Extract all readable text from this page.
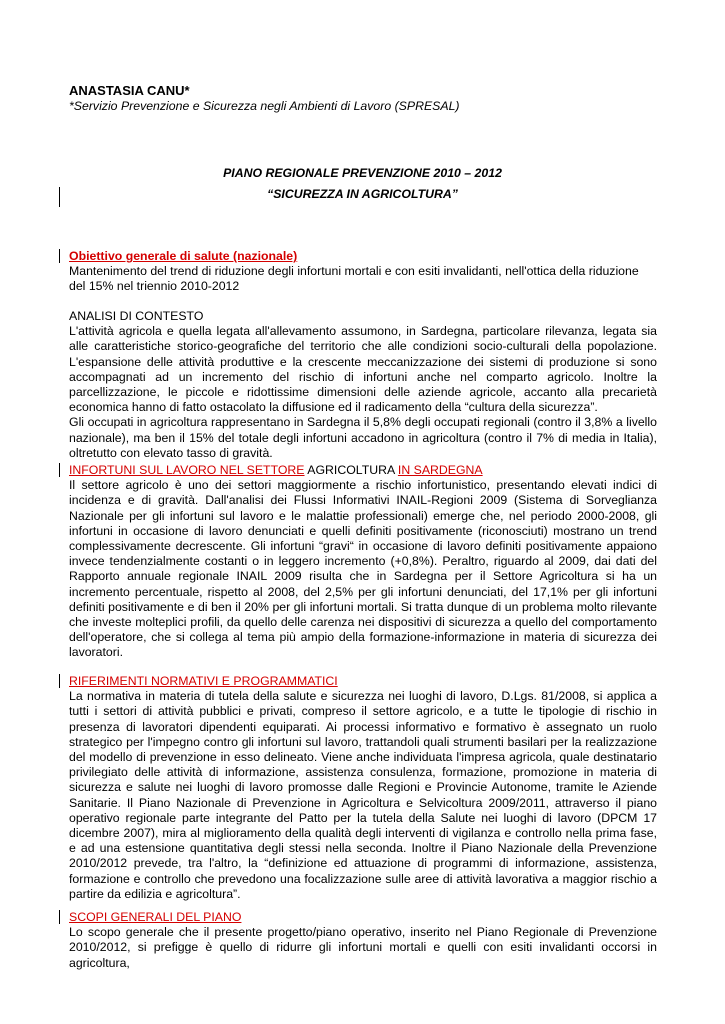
ANASTASIA CANU*
*Servizio Prevenzione e Sicurezza negli Ambienti di Lavoro (SPRESAL)
PIANO REGIONALE PREVENZIONE 2010 – 2012
“SICUREZZA IN AGRICOLTURA”

Obiettivo generale di salute (nazionale)

Mantenimento del trend di riduzione degli infortuni mortali e con esiti invalidanti, nell'ottica della riduzione del 15% nel triennio 2010-2012

ANALISI DI CONTESTO

L'attività agricola e quella legata all'allevamento assumono, in Sardegna, particolare rilevanza, legata sia alle caratteristiche storico-geografiche del territorio che alle condizioni socio-culturali della popolazione. L'espansione delle attività produttive e la crescente meccanizzazione dei sistemi di produzione si sono accompagnati ad un incremento del rischio di infortuni anche nel comparto agricolo. Inoltre la parcellizzazione, le piccole e ridottissime dimensioni delle aziende agricole, accanto alla precarietà economica hanno di fatto ostacolato la diffusione ed il radicamento della “cultura della sicurezza”.

Gli occupati in agricoltura rappresentano in Sardegna il 5,8% degli occupati regionali (contro il 3,8% a livello nazionale), ma ben il 15% del totale degli infortuni accadono in agricoltura (contro il 7% di media in Italia), oltretutto con elevato tasso di gravità.

INFORTUNI SUL LAVORO NEL SETTORE AGRICOLTURA IN SARDEGNA

Il settore agricolo è uno dei settori maggiormente a rischio infortunistico, presentando elevati indici di incidenza e di gravità. Dall'analisi dei Flussi Informativi INAIL-Regioni 2009 (Sistema di Sorveglianza Nazionale per gli infortuni sul lavoro e le malattie professionali) emerge che, nel periodo 2000-2008, gli infortuni in occasione di lavoro denunciati e quelli definiti positivamente (riconosciuti) mostrano un trend complessivamente decrescente. Gli infortuni “gravi“ in occasione di lavoro definiti positivamente appaiono invece tendenzialmente costanti o in leggero incremento (+0,8%). Peraltro, riguardo al 2009, dai dati del Rapporto annuale regionale INAIL 2009 risulta che in Sardegna per il Settore Agricoltura si ha un incremento percentuale, rispetto al 2008, del 2,5% per gli infortuni denunciati, del 17,1% per gli infortuni definiti positivamente e di ben il 20% per gli infortuni mortali. Si tratta dunque di un problema molto rilevante che investe molteplici profili, da quello delle carenza nei dispositivi di sicurezza a quello del comportamento dell'operatore, che si collega al tema più ampio della formazione-informazione in materia di sicurezza dei lavoratori.

RIFERIMENTI NORMATIVI E PROGRAMMATICI

La normativa in materia di tutela della salute e sicurezza nei luoghi di lavoro, D.Lgs. 81/2008, si applica a tutti i settori di attività pubblici e privati, compreso il settore agricolo, e a tutte le tipologie di rischio in presenza di lavoratori dipendenti equiparati. Ai processi informativo e formativo è assegnato un ruolo strategico per l'impegno contro gli infortuni sul lavoro, trattandoli quali strumenti basilari per la realizzazione del modello di prevenzione in esso delineato. Viene anche individuata l'impresa agricola, quale destinatario privilegiato delle attività di informazione, assistenza consulenza, formazione, promozione in materia di sicurezza e salute nei luoghi di lavoro promosse dalle Regioni e Provincie Autonome, tramite le Aziende Sanitarie. Il Piano Nazionale di Prevenzione in Agricoltura e Selvicoltura 2009/2011, attraverso il piano operativo regionale parte integrante del Patto per la tutela della Salute nei luoghi di lavoro (DPCM 17 dicembre 2007), mira al miglioramento della qualità degli interventi di vigilanza e controllo nella prima fase, e ad una estensione quantitativa degli stessi nella seconda. Inoltre il Piano Nazionale della Prevenzione 2010/2012 prevede, tra l'altro, la “definizione ed attuazione di programmi di informazione, assistenza, formazione e controllo che prevedono una focalizzazione sulle aree di attività lavorativa a maggior rischio a partire da edilizia e agricoltura”.

SCOPI GENERALI DEL PIANO

Lo scopo generale che il presente progetto/piano operativo, inserito nel Piano Regionale di Prevenzione 2010/2012, si prefigge è quello di ridurre gli infortuni mortali e quelli con esiti invalidanti occorsi in agricoltura,
